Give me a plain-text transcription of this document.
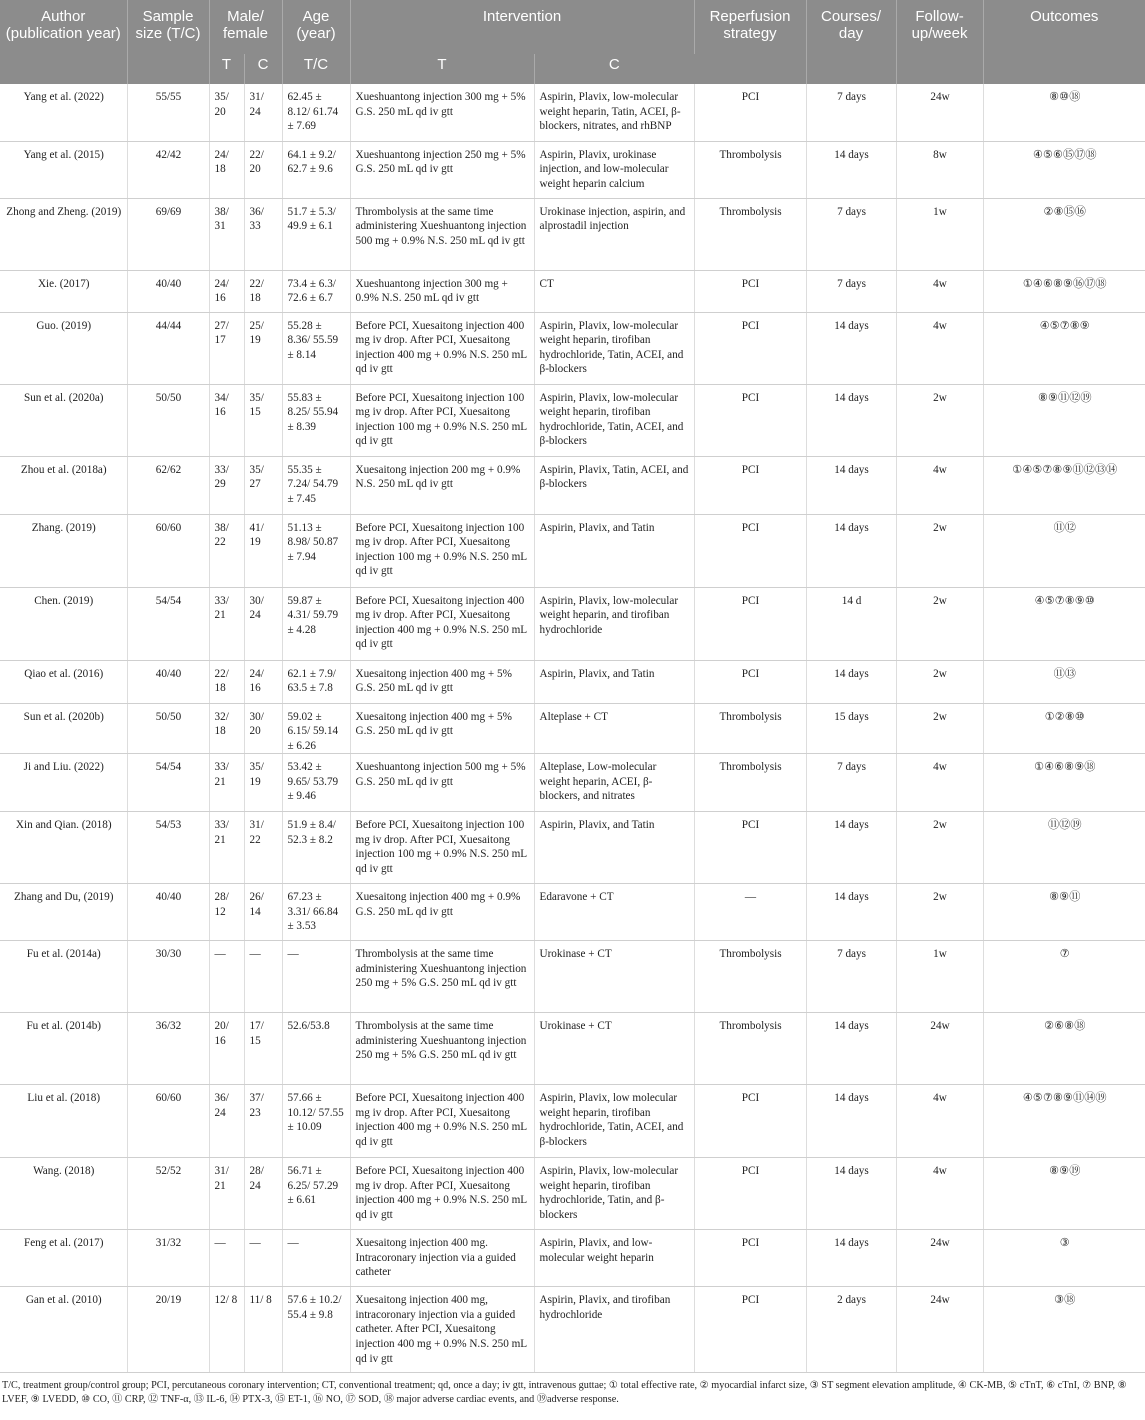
Author (publication year)	Sample size (T/C)	Male/ female		Age (year)	Intervention		Reperfusion strategy	Courses/ day	Follow-up/week	Outcomes
		T	C	T/C	T	C				
Yang et al. (2022)	55/55	35/ 20	31/ 24	62.45 ± 8.12/ 61.74 ± 7.69	Xueshuantong injection 300 mg + 5% G.S. 250 mL qd iv gtt	Aspirin, Plavix, low-molecular weight heparin, Tatin, ACEI, β-blockers, nitrates, and rhBNP	PCI	7 days	24w	⑧⑩⑱
Yang et al. (2015)	42/42	24/ 18	22/ 20	64.1 ± 9.2/ 62.7 ± 9.6	Xueshuantong injection 250 mg + 5% G.S. 250 mL qd iv gtt	Aspirin, Plavix, urokinase injection, and low-molecular weight heparin calcium	Thrombolysis	14 days	8w	④⑤⑥⑮⑰⑱
Zhong and Zheng. (2019)	69/69	38/ 31	36/ 33	51.7 ± 5.3/ 49.9 ± 6.1	Thrombolysis at the same time administering Xueshuantong injection 500 mg + 0.9% N.S. 250 mL qd iv gtt	Urokinase injection, aspirin, and alprostadil injection	Thrombolysis	7 days	1w	②⑧⑮⑯
Xie. (2017)	40/40	24/ 16	22/ 18	73.4 ± 6.3/ 72.6 ± 6.7	Xueshuantong injection 300 mg + 0.9% N.S. 250 mL qd iv gtt	CT	PCI	7 days	4w	①④⑥⑧⑨⑯⑰⑱
Guo. (2019)	44/44	27/ 17	25/ 19	55.28 ± 8.36/ 55.59 ± 8.14	Before PCI, Xuesaitong injection 400 mg iv drop. After PCI, Xuesaitong injection 400 mg + 0.9% N.S. 250 mL qd iv gtt	Aspirin, Plavix, low-molecular weight heparin, tirofiban hydrochloride, Tatin, ACEI, and β-blockers	PCI	14 days	4w	④⑤⑦⑧⑨
Sun et al. (2020a)	50/50	34/ 16	35/ 15	55.83 ± 8.25/ 55.94 ± 8.39	Before PCI, Xuesaitong injection 100 mg iv drop. After PCI, Xuesaitong injection 100 mg + 0.9% N.S. 250 mL qd iv gtt	Aspirin, Plavix, low-molecular weight heparin, tirofiban hydrochloride, Tatin, ACEI, and β-blockers	PCI	14 days	2w	⑧⑨⑪⑫⑲
Zhou et al. (2018a)	62/62	33/ 29	35/ 27	55.35 ± 7.24/ 54.79 ± 7.45	Xuesaitong injection 200 mg + 0.9% N.S. 250 mL qd iv gtt	Aspirin, Plavix, Tatin, ACEI, and β-blockers	PCI	14 days	4w	①④⑤⑦⑧⑨⑪⑫⑬⑭
Zhang. (2019)	60/60	38/ 22	41/ 19	51.13 ± 8.98/ 50.87 ± 7.94	Before PCI, Xuesaitong injection 100 mg iv drop. After PCI, Xuesaitong injection 100 mg + 0.9% N.S. 250 mL qd iv gtt	Aspirin, Plavix, and Tatin	PCI	14 days	2w	⑪⑫
Chen. (2019)	54/54	33/ 21	30/ 24	59.87 ± 4.31/ 59.79 ± 4.28	Before PCI, Xuesaitong injection 400 mg iv drop. After PCI, Xuesaitong injection 400 mg + 0.9% N.S. 250 mL qd iv gtt	Aspirin, Plavix, low-molecular weight heparin, and tirofiban hydrochloride	PCI	14 d	2w	④⑤⑦⑧⑨⑩
Qiao et al. (2016)	40/40	22/ 18	24/ 16	62.1 ± 7.9/ 63.5 ± 7.8	Xuesaitong injection 400 mg + 5% G.S. 250 mL qd iv gtt	Aspirin, Plavix, and Tatin	PCI	14 days	2w	⑪⑬
Sun et al. (2020b)	50/50	32/ 18	30/ 20	59.02 ± 6.15/ 59.14 ± 6.26	Xuesaitong injection 400 mg + 5% G.S. 250 mL qd iv gtt	Alteplase + CT	Thrombolysis	15 days	2w	①②⑧⑩
Ji and Liu. (2022)	54/54	33/ 21	35/ 19	53.42 ± 9.65/ 53.79 ± 9.46	Xueshuantong injection 500 mg + 5% G.S. 250 mL qd iv gtt	Alteplase, Low-molecular weight heparin, ACEI, β-blockers, and nitrates	Thrombolysis	7 days	4w	①④⑥⑧⑨⑱
Xin and Qian. (2018)	54/53	33/ 21	31/ 22	51.9 ± 8.4/ 52.3 ± 8.2	Before PCI, Xuesaitong injection 100 mg iv drop. After PCI, Xuesaitong injection 100 mg + 0.9% N.S. 250 mL qd iv gtt	Aspirin, Plavix, and Tatin	PCI	14 days	2w	⑪⑫⑲
Zhang and Du, (2019)	40/40	28/ 12	26/ 14	67.23 ± 3.31/ 66.84 ± 3.53	Xuesaitong injection 400 mg + 0.9% G.S. 250 mL qd iv gtt	Edaravone + CT	—	14 days	2w	⑧⑨⑪
Fu et al. (2014a)	30/30	—	—	—	Thrombolysis at the same time administering Xueshuantong injection 250 mg + 5% G.S. 250 mL qd iv gtt	Urokinase + CT	Thrombolysis	7 days	1w	⑦
Fu et al. (2014b)	36/32	20/ 16	17/ 15	52.6/53.8	Thrombolysis at the same time administering Xueshuantong injection 250 mg + 5% G.S. 250 mL qd iv gtt	Urokinase + CT	Thrombolysis	14 days	24w	②⑥⑧⑱
Liu et al. (2018)	60/60	36/ 24	37/ 23	57.66 ± 10.12/ 57.55 ± 10.09	Before PCI, Xuesaitong injection 400 mg iv drop. After PCI, Xuesaitong injection 400 mg + 0.9% N.S. 250 mL qd iv gtt	Aspirin, Plavix, low molecular weight heparin, tirofiban hydrochloride, Tatin, ACEI, and β-blockers	PCI	14 days	4w	④⑤⑦⑧⑨⑪⑭⑲
Wang. (2018)	52/52	31/ 21	28/ 24	56.71 ± 6.25/ 57.29 ± 6.61	Before PCI, Xuesaitong injection 400 mg iv drop. After PCI, Xuesaitong injection 400 mg + 0.9% N.S. 250 mL qd iv gtt	Aspirin, Plavix, low-molecular weight heparin, tirofiban hydrochloride, Tatin, and β-blockers	PCI	14 days	4w	⑧⑨⑲
Feng et al. (2017)	31/32	—	—	—	Xuesaitong injection 400 mg. Intracoronary injection via a guided catheter	Aspirin, Plavix, and low-molecular weight heparin	PCI	14 days	24w	③
Gan et al. (2010)	20/19	12/ 8	11/ 8	57.6 ± 10.2/ 55.4 ± 9.8	Xuesaitong injection 400 mg, intracoronary injection via a guided catheter. After PCI, Xuesaitong injection 400 mg + 0.9% N.S. 250 mL qd iv gtt	Aspirin, Plavix, and tirofiban hydrochloride	PCI	2 days	24w	③⑱
T/C, treatment group/control group; PCI, percutaneous coronary intervention; CT, conventional treatment; qd, once a day; iv gtt, intravenous guttae; ① total effective rate, ② myocardial infarct size, ③ ST segment elevation amplitude, ④ CK-MB, ⑤ cTnT, ⑥ cTnI, ⑦ BNP, ⑧ LVEF, ⑨ LVEDD, ⑩ CO, ⑪ CRP, ⑫ TNF-α, ⑬ IL-6, ⑭ PTX-3, ⑮ ET-1, ⑯ NO, ⑰ SOD, ⑱ major adverse cardiac events, and ⑲adverse response.
